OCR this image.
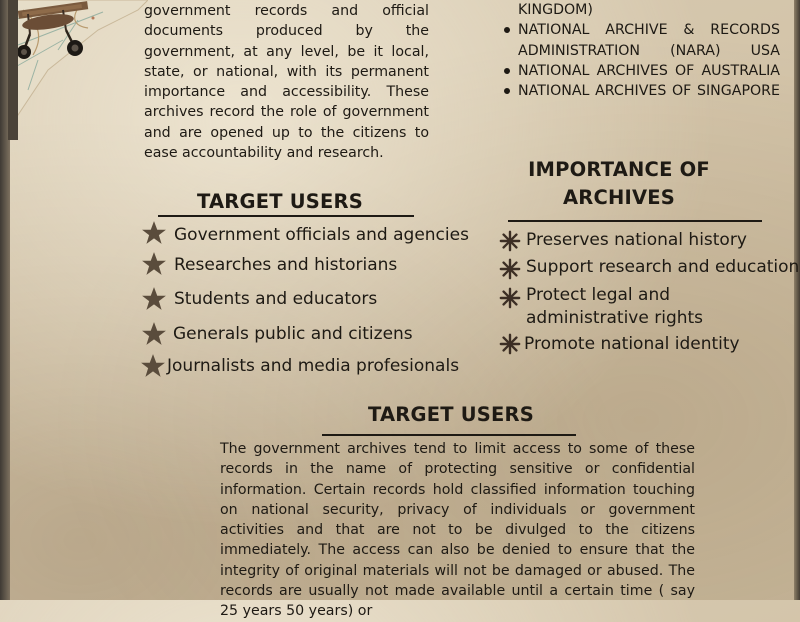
government records and official documents produced by the government, at any level, be it local, state, or national, with its permanent importance and accessibility. These archives record the role of government and are opened up to the citizens to ease accountability and research.

KINGDOM)
NATIONAL ARCHIVE & RECORDS ADMINISTRATION (NARA) USA
NATIONAL ARCHIVES OF AUSTRALIA
NATIONAL ARCHIVES OF SINGAPORE
TARGET USERS
Government officials and agencies
Researches and historians
Students and educators
Generals public and citizens
Journalists and media profesionals
IMPORTANCE OF
ARCHIVES
Preserves national history
Support research and education
Protect legal and administrative rights
Promote national identity
TARGET USERS

The government archives tend to limit access to some of these records in the name of protecting sensitive or confidential information. Certain records hold classified information touching on national security, privacy of individuals or government activities and that are not to be divulged to the citizens immediately. The access can also be denied to ensure that the integrity of original materials will not be damaged or abused. The records are usually not made available until a certain time ( say 25 years 50 years) or
